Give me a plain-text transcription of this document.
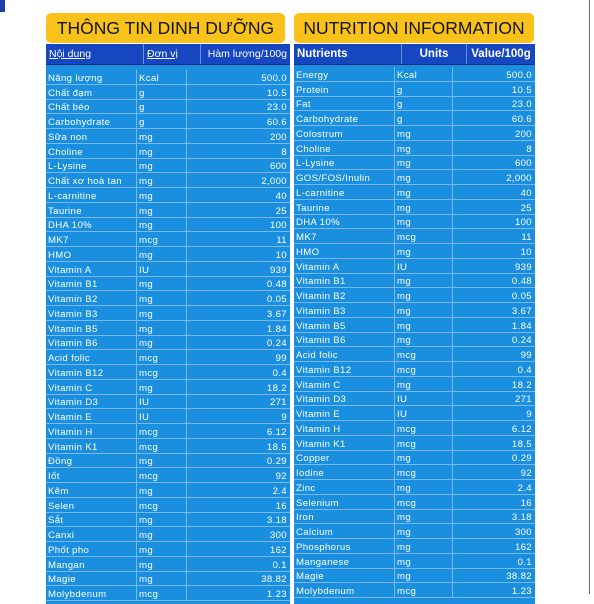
THÔNG TIN DINH DƯỠNG NUTRITION INFORMATION
Nội dung	Đơn vị	Hàm lượng/100g
Năng lượng	Kcal	500.0
Chất đạm	g	10.5
Chất béo	g	23.0
Carbohydrate	g	60.6
Sữa non	mg	200
Choline	mg	8
L-Lysine	mg	600
Chất xơ hoà tan	mg	2,000
L-carnitine	mg	40
Taurine	mg	25
DHA 10%	mg	100
MK7	mcg	11
HMO	mg	10
Vitamin A	IU	939
Vitamin B1	mg	0.48
Vitamin B2	mg	0.05
Vitamin B3	mg	3.67
Vitamin B5	mg	1.84
Vitamin B6	mg	0.24
Acid folic	mcg	99
Vitamin B12	mcg	0.4
Vitamin C	mg	18.2
Vitamin D3	IU	271
Vitamin E	IU	9
Vitamin H	mcg	6.12
Vitamin K1	mcg	18.5
Đồng	mg	0.29
Iốt	mcg	92
Kẽm	mg	2.4
Selen	mcg	16
Sắt	mg	3.18
Canxi	mg	300
Phốt pho	mg	162
Mangan	mg	0.1
Magie	mg	38.82
Molybdenum	mcg	1.23
Nutrients	Units	Value/100g
Energy	Kcal	500.0
Protein	g	10.5
Fat	g	23.0
Carbohydrate	g	60.6
Colostrum	mg	200
Choline	mg	8
L-Lysine	mg	600
GOS/FOS/Inulin	mg	2,000
L-carnitine	mg	40
Taurine	mg	25
DHA 10%	mg	100
MK7	mcg	11
HMO	mg	10
Vitamin A	IU	939
Vitamin B1	mg	0.48
Vitamin B2	mg	0.05
Vitamin B3	mg	3.67
Vitamin B5	mg	1.84
Vitamin B6	mg	0.24
Acid folic	mcg	99
Vitamin B12	mcg	0.4
Vitamin C	mg	18.2
Vitamin D3	IU	271
Vitamin E	IU	9
Vitamin H	mcg	6.12
Vitamin K1	mcg	18.5
Copper	mg	0.29
Iodine	mcg	92
Zinc	mg	2.4
Selenium	mcg	16
Iron	mg	3.18
Calcium	mg	300
Phosphorus	mg	162
Manganese	mg	0.1
Magie	mg	38.82
Molybdenum	mcg	1.23
